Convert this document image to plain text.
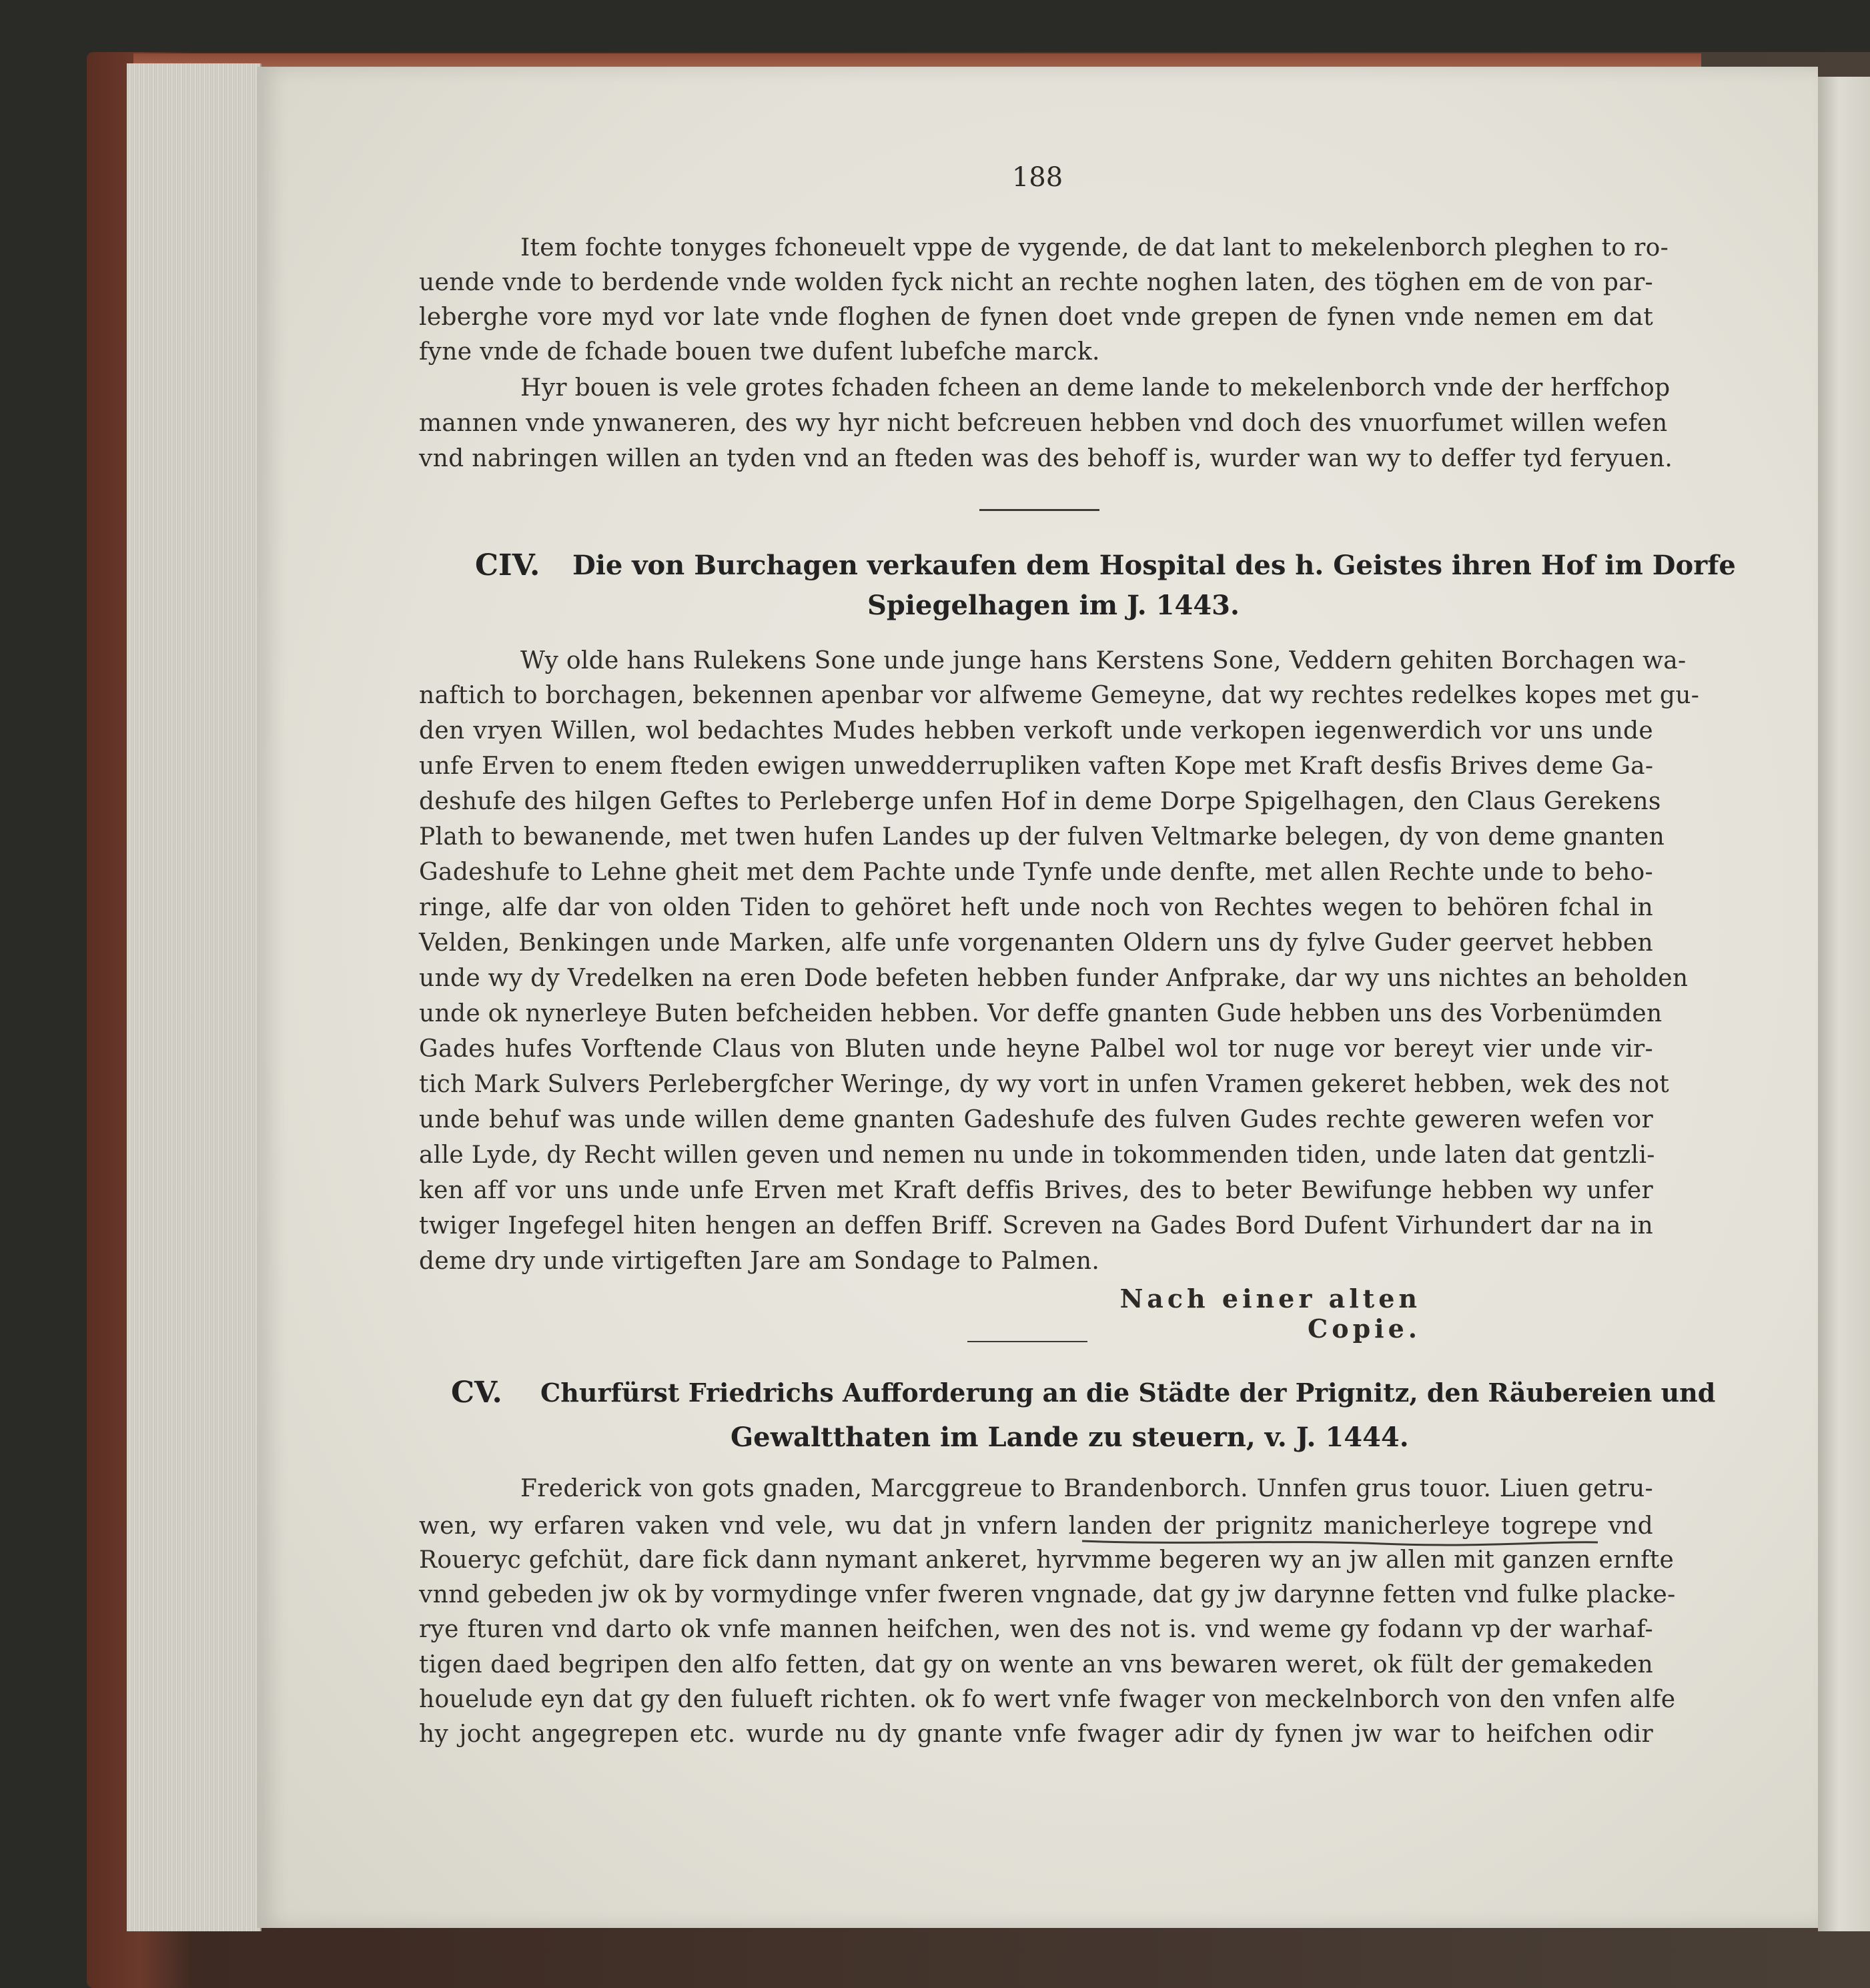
188
Item fochte tonyges fchoneuelt vppe de vygende, de dat lant to mekelenborch pleghen to ro-
uende vnde to berdende vnde wolden fyck nicht an rechte noghen laten, des töghen em de von par-
leberghe vore myd vor late vnde floghen de fynen doet vnde grepen de fynen vnde nemen em dat
fyne vnde de fchade bouen twe dufent lubefche marck.
Hyr bouen is vele grotes fchaden fcheen an deme lande to mekelenborch vnde der herffchop
mannen vnde ynwaneren, des wy hyr nicht befcreuen hebben vnd doch des vnuorfumet willen wefen
vnd nabringen willen an tyden vnd an fteden was des behoff is, wurder wan wy to deffer tyd feryuen.
CIV. Die von Burchagen verkaufen dem Hospital des h. Geistes ihren Hof im Dorfe
Spiegelhagen im J. 1443.
Wy olde hans Rulekens Sone unde junge hans Kerstens Sone, Veddern gehiten Borchagen wa-
naftich to borchagen, bekennen apenbar vor alfweme Gemeyne, dat wy rechtes redelkes kopes met gu-
den vryen Willen, wol bedachtes Mudes hebben verkoft unde verkopen iegenwerdich vor uns unde
unfe Erven to enem fteden ewigen unwedderrupliken vaften Kope met Kraft desfis Brives deme Ga-
deshufe des hilgen Geftes to Perleberge unfen Hof in deme Dorpe Spigelhagen, den Claus Gerekens
Plath to bewanende, met twen hufen Landes up der fulven Veltmarke belegen, dy von deme gnanten
Gadeshufe to Lehne gheit met dem Pachte unde Tynfe unde denfte, met allen Rechte unde to beho-
ringe, alfe dar von olden Tiden to gehöret heft unde noch von Rechtes wegen to behören fchal in
Velden, Benkingen unde Marken, alfe unfe vorgenanten Oldern uns dy fylve Guder geervet hebben
unde wy dy Vredelken na eren Dode befeten hebben funder Anfprake, dar wy uns nichtes an beholden
unde ok nynerleye Buten befcheiden hebben. Vor deffe gnanten Gude hebben uns des Vorbenümden
Gades hufes Vorftende Claus von Bluten unde heyne Palbel wol tor nuge vor bereyt vier unde vir-
tich Mark Sulvers Perlebergfcher Weringe, dy wy vort in unfen Vramen gekeret hebben, wek des not
unde behuf was unde willen deme gnanten Gadeshufe des fulven Gudes rechte geweren wefen vor
alle Lyde, dy Recht willen geven und nemen nu unde in tokommenden tiden, unde laten dat gentzli-
ken aff vor uns unde unfe Erven met Kraft deffis Brives, des to beter Bewifunge hebben wy unfer
twiger Ingefegel hiten hengen an deffen Briff. Screven na Gades Bord Dufent Virhundert dar na in
deme dry unde virtigeften Jare am Sondage to Palmen.
Nach einer alten Copie.
CV. Churfürst Friedrichs Aufforderung an die Städte der Prignitz, den Räubereien und
Gewaltthaten im Lande zu steuern, v. J. 1444.
Frederick von gots gnaden, Marcggreue to Brandenborch. Unnfen grus touor. Liuen getru-
wen, wy erfaren vaken vnd vele, wu dat jn vnfern landen der prignitz manicherleye togrepe vnd
Roueryc gefchüt, dare fick dann nymant ankeret, hyrvmme begeren wy an jw allen mit ganzen ernfte
vnnd gebeden jw ok by vormydinge vnfer fweren vngnade, dat gy jw darynne fetten vnd fulke placke-
rye fturen vnd darto ok vnfe mannen heifchen, wen des not is. vnd weme gy fodann vp der warhaf-
tigen daed begripen den alfo fetten, dat gy on wente an vns bewaren weret, ok fült der gemakeden
houelude eyn dat gy den fulueft richten. ok fo wert vnfe fwager von meckelnborch von den vnfen alfe
hy jocht angegrepen etc. wurde nu dy gnante vnfe fwager adir dy fynen jw war to heifchen odir
